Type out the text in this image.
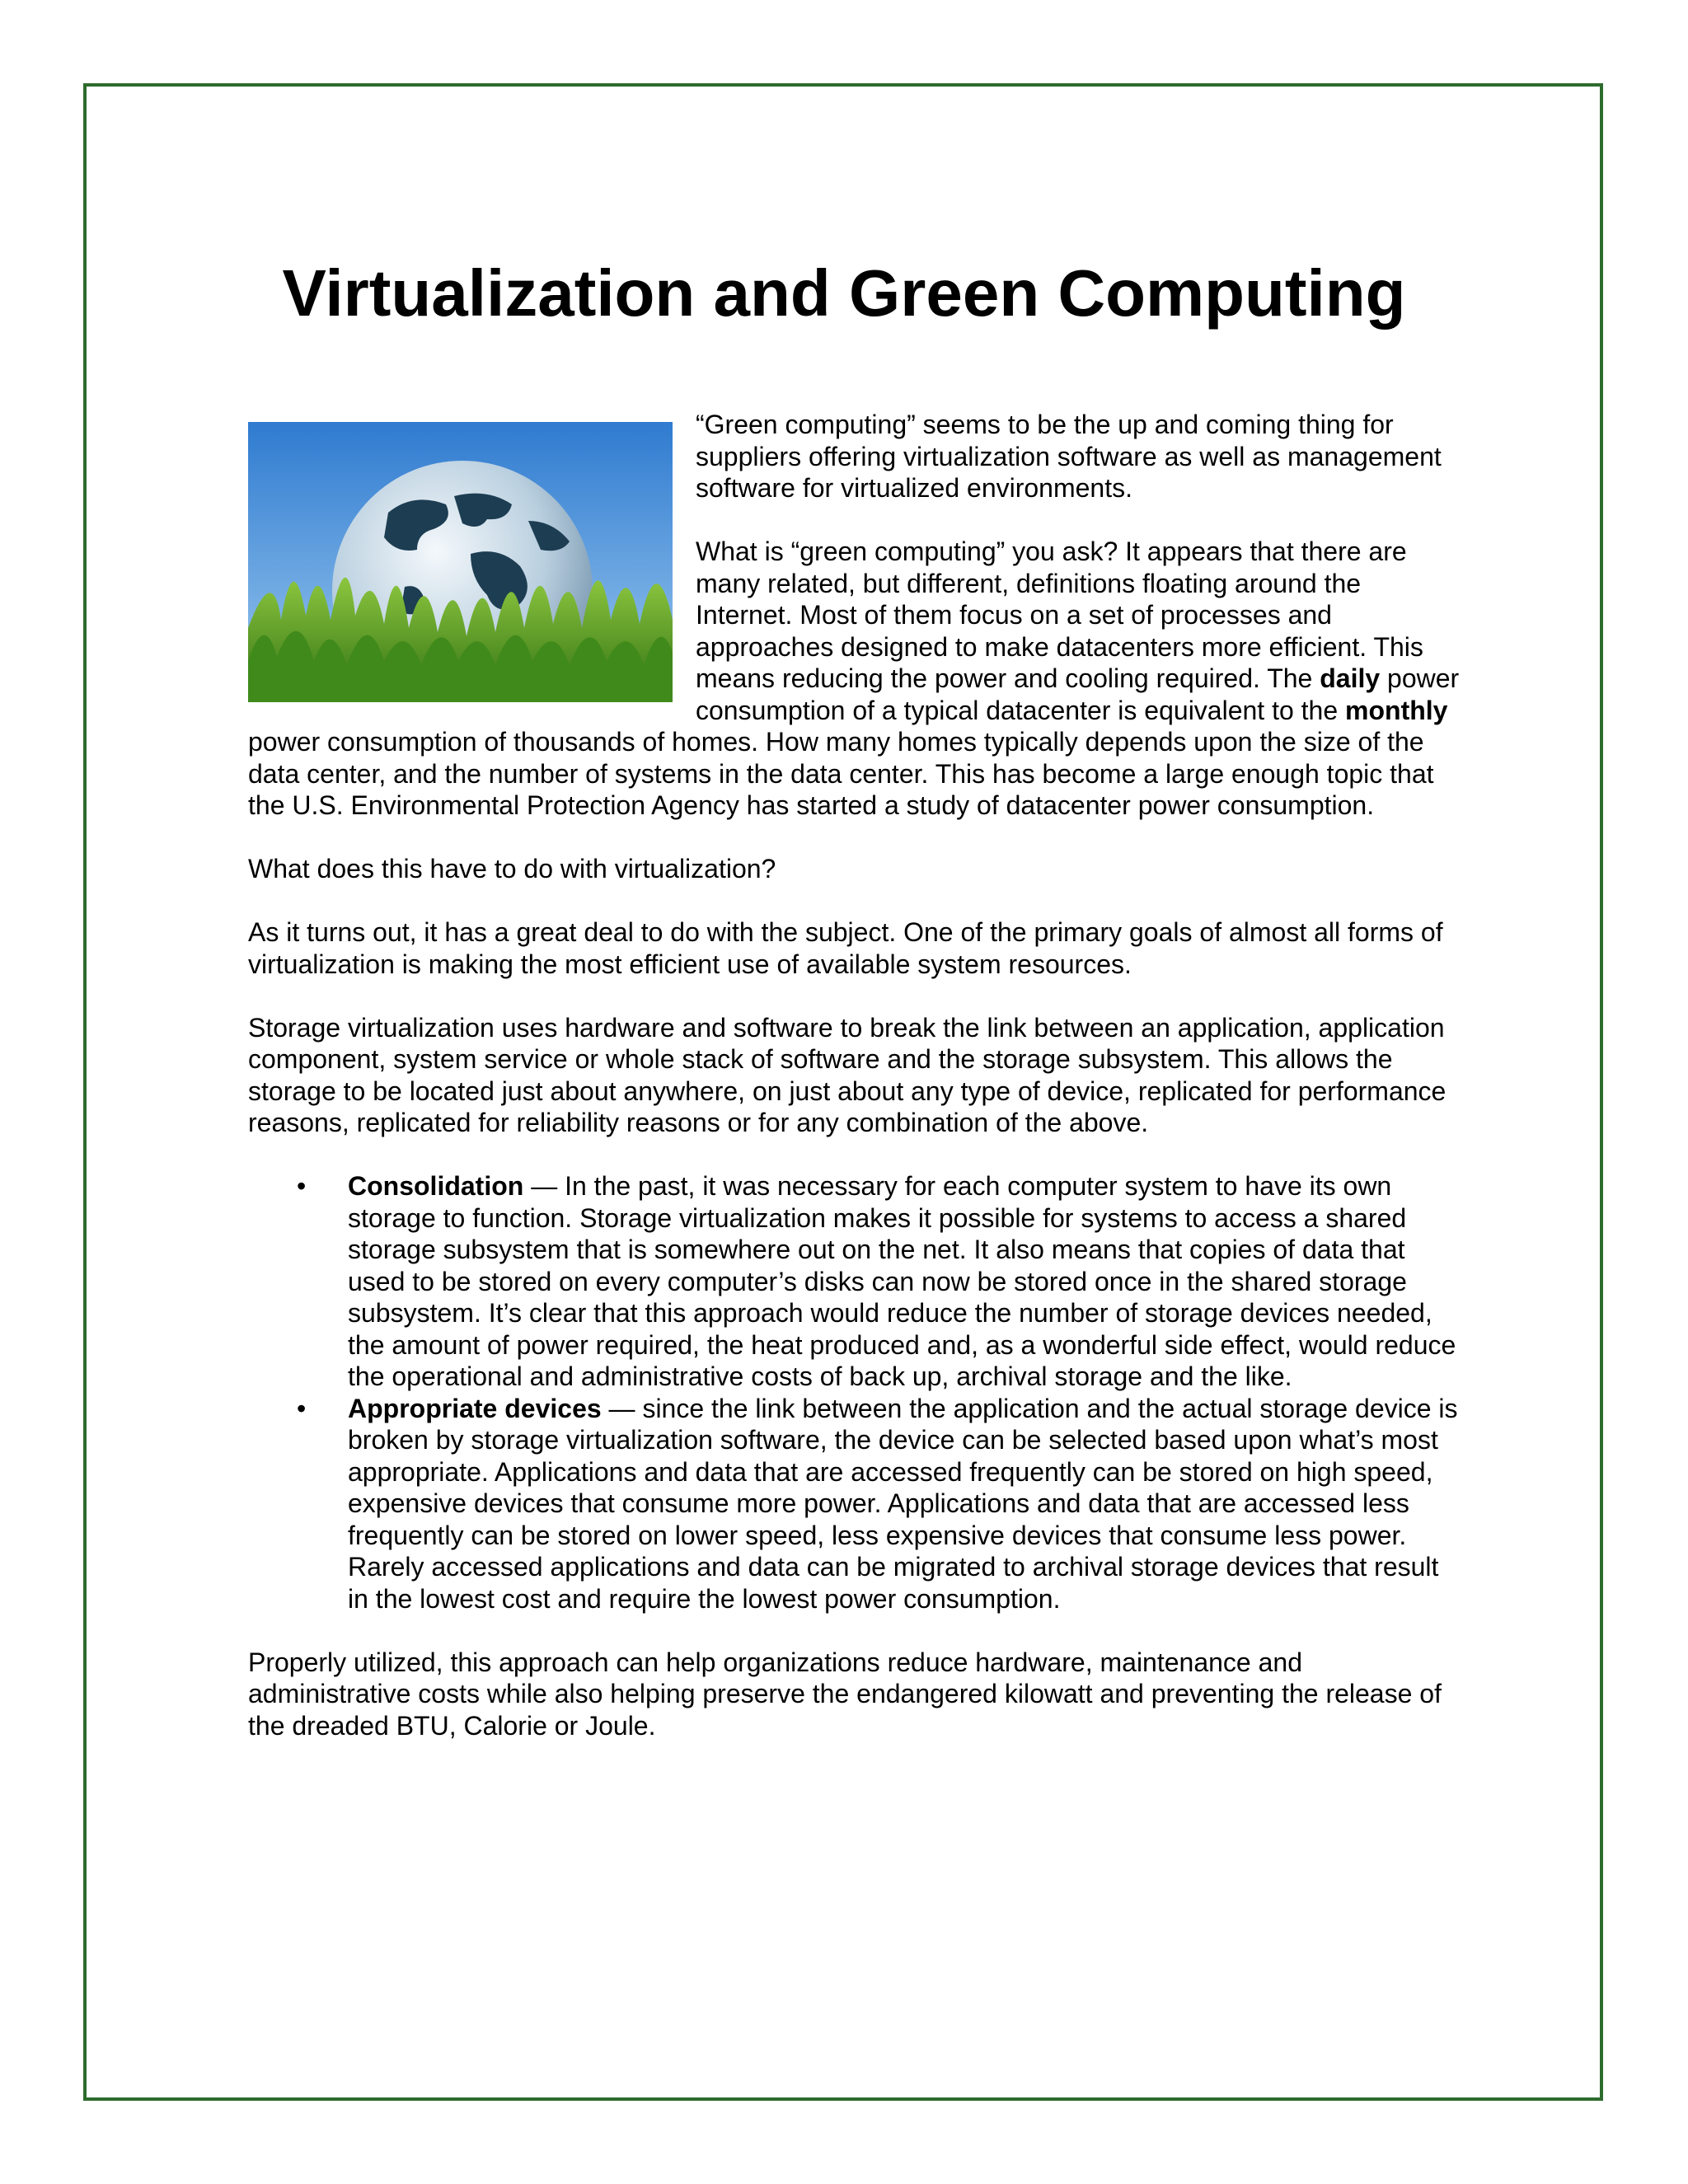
Virtualization and Green Computing

“Green computing” seems to be the up and coming thing for suppliers offering virtualization software as well as management software for virtualized environments.

What is “green computing” you ask? It appears that there are many related, but different, definitions floating around the Internet. Most of them focus on a set of processes and approaches designed to make datacenters more efficient. This means reducing the power and cooling required. The daily power consumption of a typical datacenter is equivalent to the monthly power consumption of thousands of homes. How many homes typically depends upon the size of the data center, and the number of systems in the data center. This has become a large enough topic that the U.S. Environmental Protection Agency has started a study of datacenter power consumption.

What does this have to do with virtualization?

As it turns out, it has a great deal to do with the subject. One of the primary goals of almost all forms of virtualization is making the most efficient use of available system resources.

Storage virtualization uses hardware and software to break the link between an application, application component, system service or whole stack of software and the storage subsystem. This allows the storage to be located just about anywhere, on just about any type of device, replicated for performance reasons, replicated for reliability reasons or for any combination of the above.

• Consolidation — In the past, it was necessary for each computer system to have its own storage to function. Storage virtualization makes it possible for systems to access a shared storage subsystem that is somewhere out on the net. It also means that copies of data that used to be stored on every computer’s disks can now be stored once in the shared storage subsystem. It’s clear that this approach would reduce the number of storage devices needed, the amount of power required, the heat produced and, as a wonderful side effect, would reduce the operational and administrative costs of back up, archival storage and the like.
• Appropriate devices — since the link between the application and the actual storage device is broken by storage virtualization software, the device can be selected based upon what’s most appropriate. Applications and data that are accessed frequently can be stored on high speed, expensive devices that consume more power. Applications and data that are accessed less frequently can be stored on lower speed, less expensive devices that consume less power. Rarely accessed applications and data can be migrated to archival storage devices that result in the lowest cost and require the lowest power consumption.

Properly utilized, this approach can help organizations reduce hardware, maintenance and administrative costs while also helping preserve the endangered kilowatt and preventing the release of the dreaded BTU, Calorie or Joule.
